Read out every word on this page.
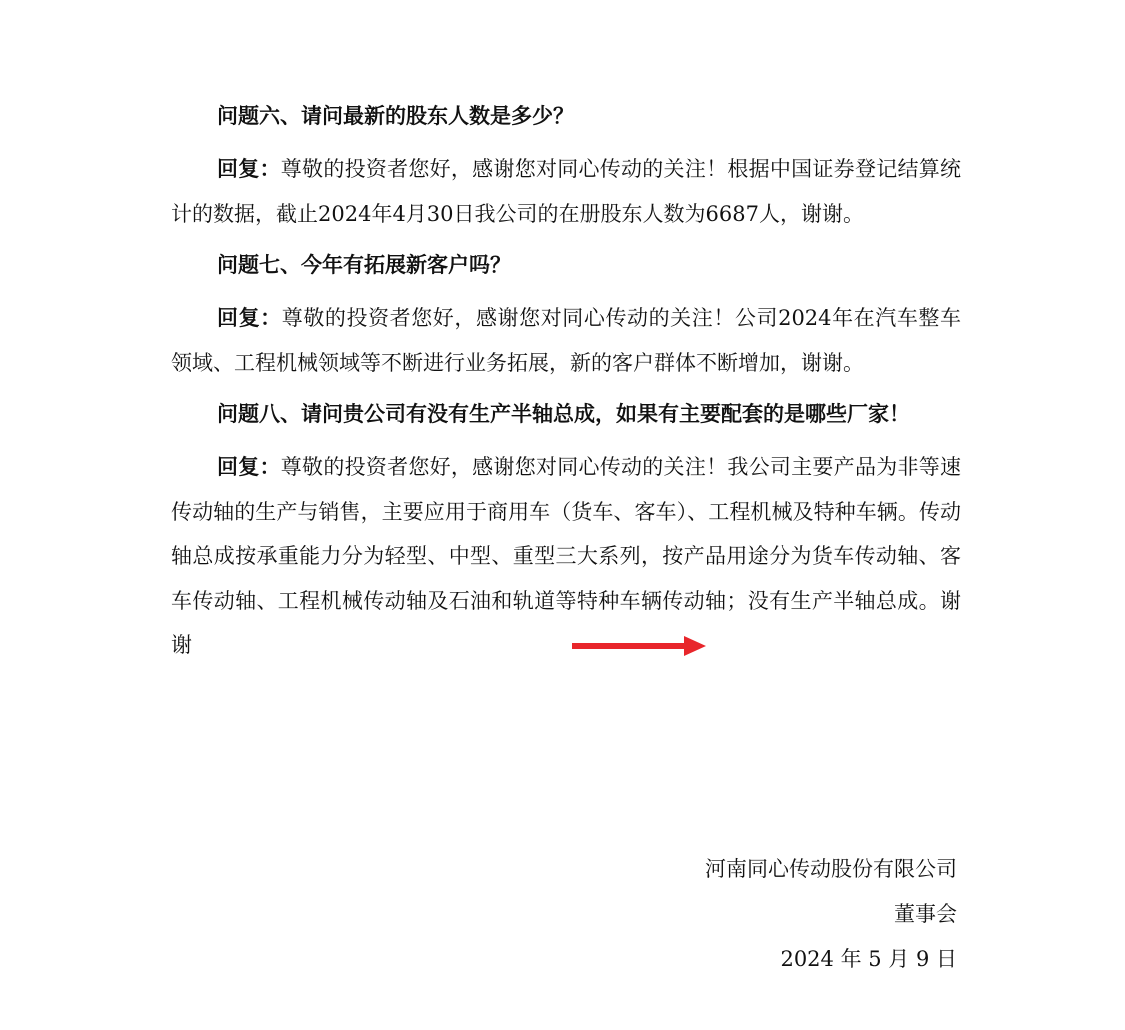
问题六、请问最新的股东人数是多少？

回复：尊敬的投资者您好，感谢您对同心传动的关注！根据中国证券登记结算统计的数据，截止2024年4月30日我公司的在册股东人数为6687人，谢谢。

问题七、今年有拓展新客户吗？

回复：尊敬的投资者您好，感谢您对同心传动的关注！公司2024年在汽车整车领域、工程机械领域等不断进行业务拓展，新的客户群体不断增加，谢谢。

问题八、请问贵公司有没有生产半轴总成，如果有主要配套的是哪些厂家！

回复：尊敬的投资者您好，感谢您对同心传动的关注！我公司主要产品为非等速传动轴的生产与销售，主要应用于商用车（货车、客车）、工程机械及特种车辆。传动轴总成按承重能力分为轻型、中型、重型三大系列，按产品用途分为货车传动轴、客车传动轴、工程机械传动轴及石油和轨道等特种车辆传动轴；没有生产半轴总成。谢谢

河南同心传动股份有限公司
董事会
2024 年 5 月 9 日
